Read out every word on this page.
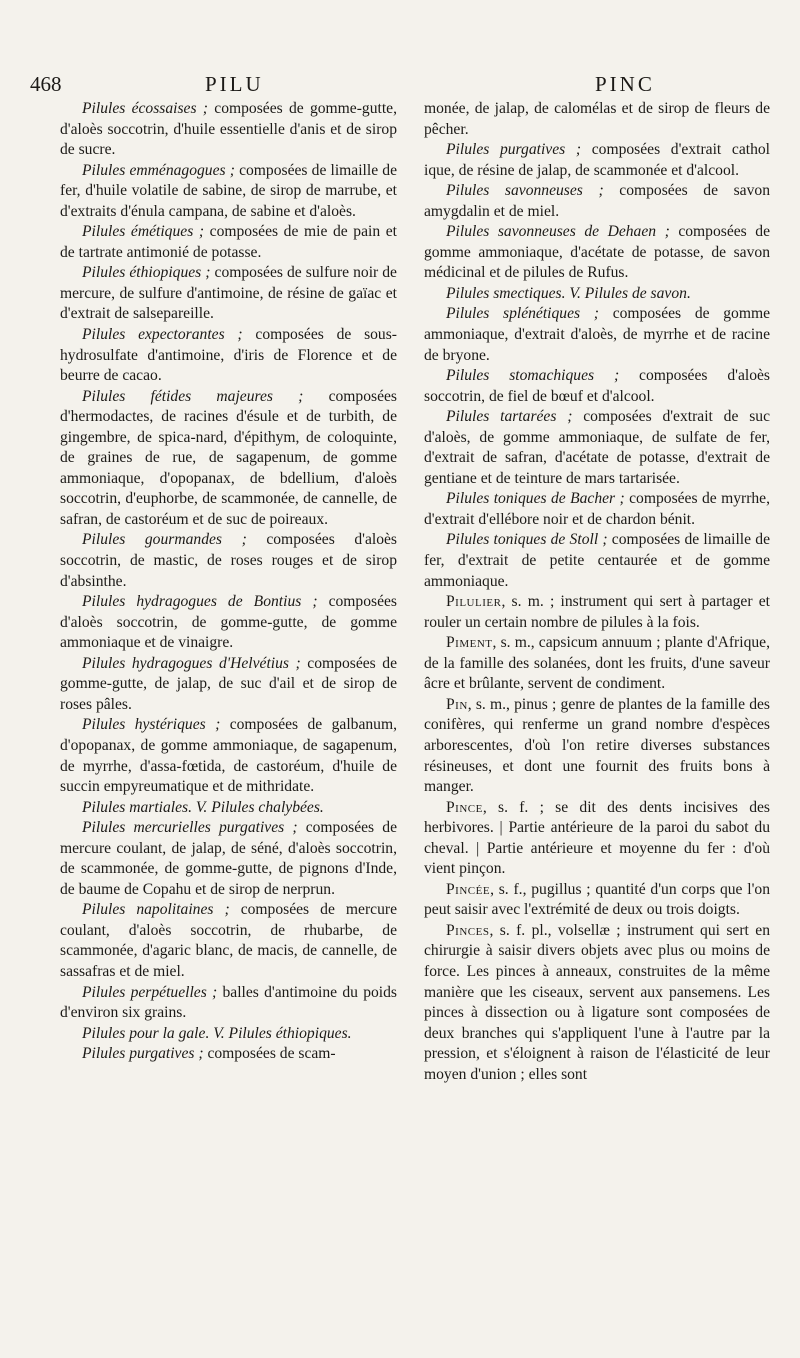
468	PILU	PINC

Pilules écossaises ; composées de gomme-gutte, d'aloès soccotrin, d'huile essentielle d'anis et de sirop de sucre.

Pilules emménagogues ; composées de limaille de fer, d'huile volatile de sabine, de sirop de marrube, et d'extraits d'énula campana, de sabine et d'aloès.

Pilules émétiques ; composées de mie de pain et de tartrate antimonié de potasse.

Pilules éthiopiques ; composées de sulfure noir de mercure, de sulfure d'antimoine, de résine de gaïac et d'extrait de salsepareille.

Pilules expectorantes ; composées de sous-hydrosulfate d'antimoine, d'iris de Florence et de beurre de cacao.

Pilules fétides majeures ; composées d'hermodactes, de racines d'ésule et de turbith, de gingembre, de spica-nard, d'épithym, de coloquinte, de graines de rue, de sagapenum, de gomme ammoniaque, d'opopanax, de bdellium, d'aloès soccotrin, d'euphorbe, de scammonée, de cannelle, de safran, de castoréum et de suc de poireaux.

Pilules gourmandes ; composées d'aloès soccotrin, de mastic, de roses rouges et de sirop d'absinthe.

Pilules hydragogues de Bontius ; composées d'aloès soccotrin, de gomme-gutte, de gomme ammoniaque et de vinaigre.

Pilules hydragogues d'Helvétius ; composées de gomme-gutte, de jalap, de suc d'ail et de sirop de roses pâles.

Pilules hystériques ; composées de galbanum, d'opopanax, de gomme ammoniaque, de sagapenum, de myrrhe, d'assa-fœtida, de castoréum, d'huile de succin empyreumatique et de mithridate.

Pilules martiales. V. Pilules chalybées.

Pilules mercurielles purgatives ; composées de mercure coulant, de jalap, de séné, d'aloès soccotrin, de scammonée, de gomme-gutte, de pignons d'Inde, de baume de Copahu et de sirop de nerprun.

Pilules napolitaines ; composées de mercure coulant, d'aloès soccotrin, de rhubarbe, de scammonée, d'agaric blanc, de macis, de cannelle, de sassafras et de miel.

Pilules perpétuelles ; balles d'antimoine du poids d'environ six grains.

Pilules pour la gale. V. Pilules éthiopiques.

Pilules purgatives ; composées de scam-

monée, de jalap, de calomélas et de sirop de fleurs de pêcher.

Pilules purgatives ; composées d'extrait cathol ique, de résine de jalap, de scammonée et d'alcool.

Pilules savonneuses ; composées de savon amygdalin et de miel.

Pilules savonneuses de Dehaen ; composées de gomme ammoniaque, d'acétate de potasse, de savon médicinal et de pilules de Rufus.

Pilules smectiques. V. Pilules de savon.

Pilules splénétiques ; composées de gomme ammoniaque, d'extrait d'aloès, de myrrhe et de racine de bryone.

Pilules stomachiques ; composées d'aloès soccotrin, de fiel de bœuf et d'alcool.

Pilules tartarées ; composées d'extrait de suc d'aloès, de gomme ammoniaque, de sulfate de fer, d'extrait de safran, d'acétate de potasse, d'extrait de gentiane et de teinture de mars tartarisée.

Pilules toniques de Bacher ; composées de myrrhe, d'extrait d'ellébore noir et de chardon bénit.

Pilules toniques de Stoll ; composées de limaille de fer, d'extrait de petite centaurée et de gomme ammoniaque.

Pilulier, s. m. ; instrument qui sert à partager et rouler un certain nombre de pilules à la fois.

Piment, s. m., capsicum annuum ; plante d'Afrique, de la famille des solanées, dont les fruits, d'une saveur âcre et brûlante, servent de condiment.

Pin, s. m., pinus ; genre de plantes de la famille des conifères, qui renferme un grand nombre d'espèces arborescentes, d'où l'on retire diverses substances résineuses, et dont une fournit des fruits bons à manger.

Pince, s. f. ; se dit des dents incisives des herbivores. | Partie antérieure de la paroi du sabot du cheval. | Partie antérieure et moyenne du fer : d'où vient pinçon.

Pincée, s. f., pugillus ; quantité d'un corps que l'on peut saisir avec l'extrémité de deux ou trois doigts.

Pinces, s. f. pl., volsellæ ; instrument qui sert en chirurgie à saisir divers objets avec plus ou moins de force. Les pinces à anneaux, construites de la même manière que les ciseaux, servent aux pansemens. Les pinces à dissection ou à ligature sont composées de deux branches qui s'appliquent l'une à l'autre par la pression, et s'éloignent à raison de l'élasticité de leur moyen d'union ; elles sont
